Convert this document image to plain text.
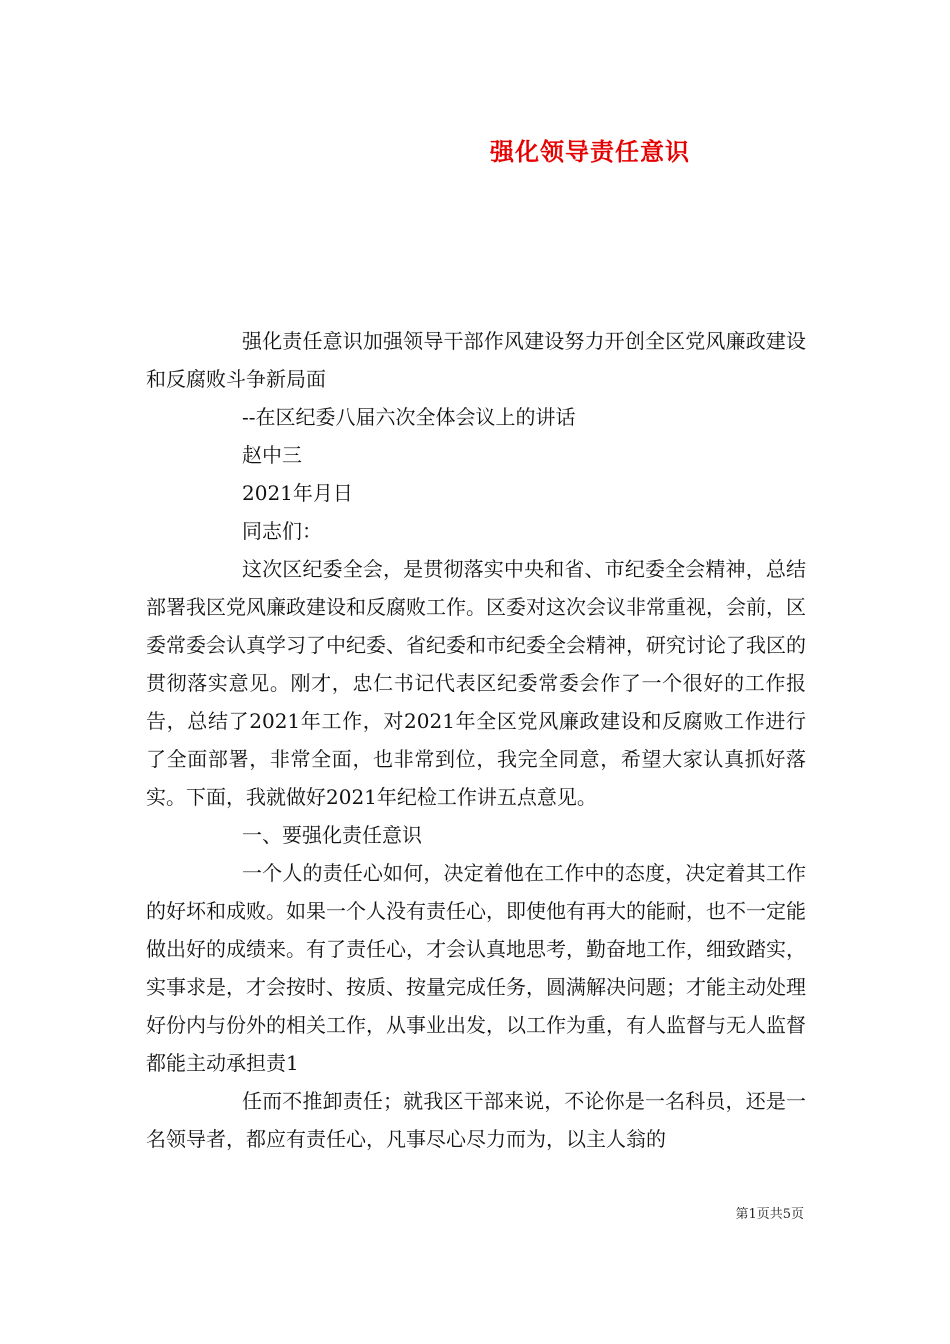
强化领导责任意识

强化责任意识加强领导干部作风建设努力开创全区党风廉政建设和反腐败斗争新局面

--在区纪委八届六次全体会议上的讲话

赵中三

2021年月日

同志们：

这次区纪委全会，是贯彻落实中央和省、市纪委全会精神，总结部署我区党风廉政建设和反腐败工作。区委对这次会议非常重视，会前，区委常委会认真学习了中纪委、省纪委和市纪委全会精神，研究讨论了我区的贯彻落实意见。刚才，忠仁书记代表区纪委常委会作了一个很好的工作报告，总结了2021年工作，对2021年全区党风廉政建设和反腐败工作进行了全面部署，非常全面，也非常到位，我完全同意，希望大家认真抓好落实。下面，我就做好2021年纪检工作讲五点意见。

一、要强化责任意识

一个人的责任心如何，决定着他在工作中的态度，决定着其工作的好坏和成败。如果一个人没有责任心，即使他有再大的能耐，也不一定能做出好的成绩来。有了责任心，才会认真地思考，勤奋地工作，细致踏实，实事求是，才会按时、按质、按量完成任务，圆满解决问题；才能主动处理好份内与份外的相关工作，从事业出发，以工作为重，有人监督与无人监督都能主动承担责1

任而不推卸责任；就我区干部来说，不论你是一名科员，还是一名领导者，都应有责任心，凡事尽心尽力而为，以主人翁的

第1页共5页
